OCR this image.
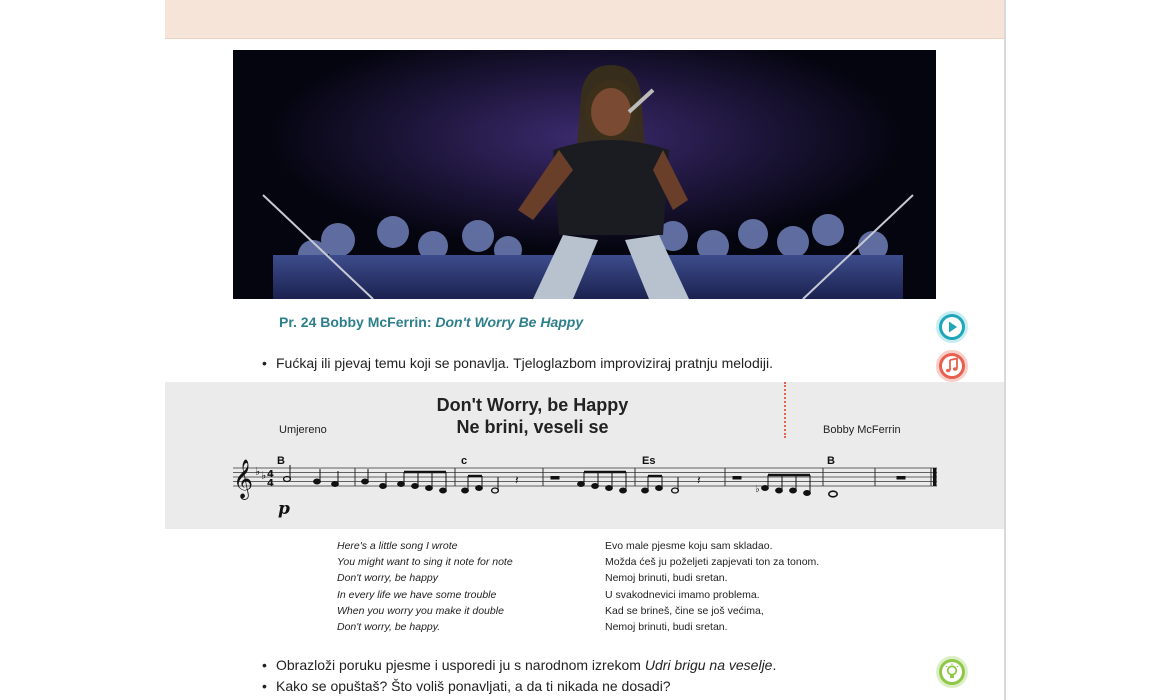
Pr. 24 Bobby McFerrin: Don't Worry Be Happy
• Fućkaj ili pjevaj temu koji se ponavlja. Tjeloglazbom improviziraj pratnju melodiji.
Don't Worry, be Happy
Ne brini, veseli se
Umjereno	Bobby McFerrin
𝄞 ♭ ♭ 4
4
B	c	Es	B
p
𝄽	𝄽
♭
Here's a little song I wrote
You might want to sing it note for note
Don't worry, be happy
In every life we have some trouble
When you worry you make it double
Don't worry, be happy.
Evo male pjesme koju sam skladao.
Možda ćeš ju poželjeti zapjevati ton za tonom.
Nemoj brinuti, budi sretan.
U svakodnevici imamo problema.
Kad se brineš, čine se još većima,
Nemoj brinuti, budi sretan.
• Obrazloži poruku pjesme i usporedi ju s narodnom izrekom Udri brigu na veselje.
• Kako se opuštaš? Što voliš ponavljati, a da ti nikada ne dosadi?
